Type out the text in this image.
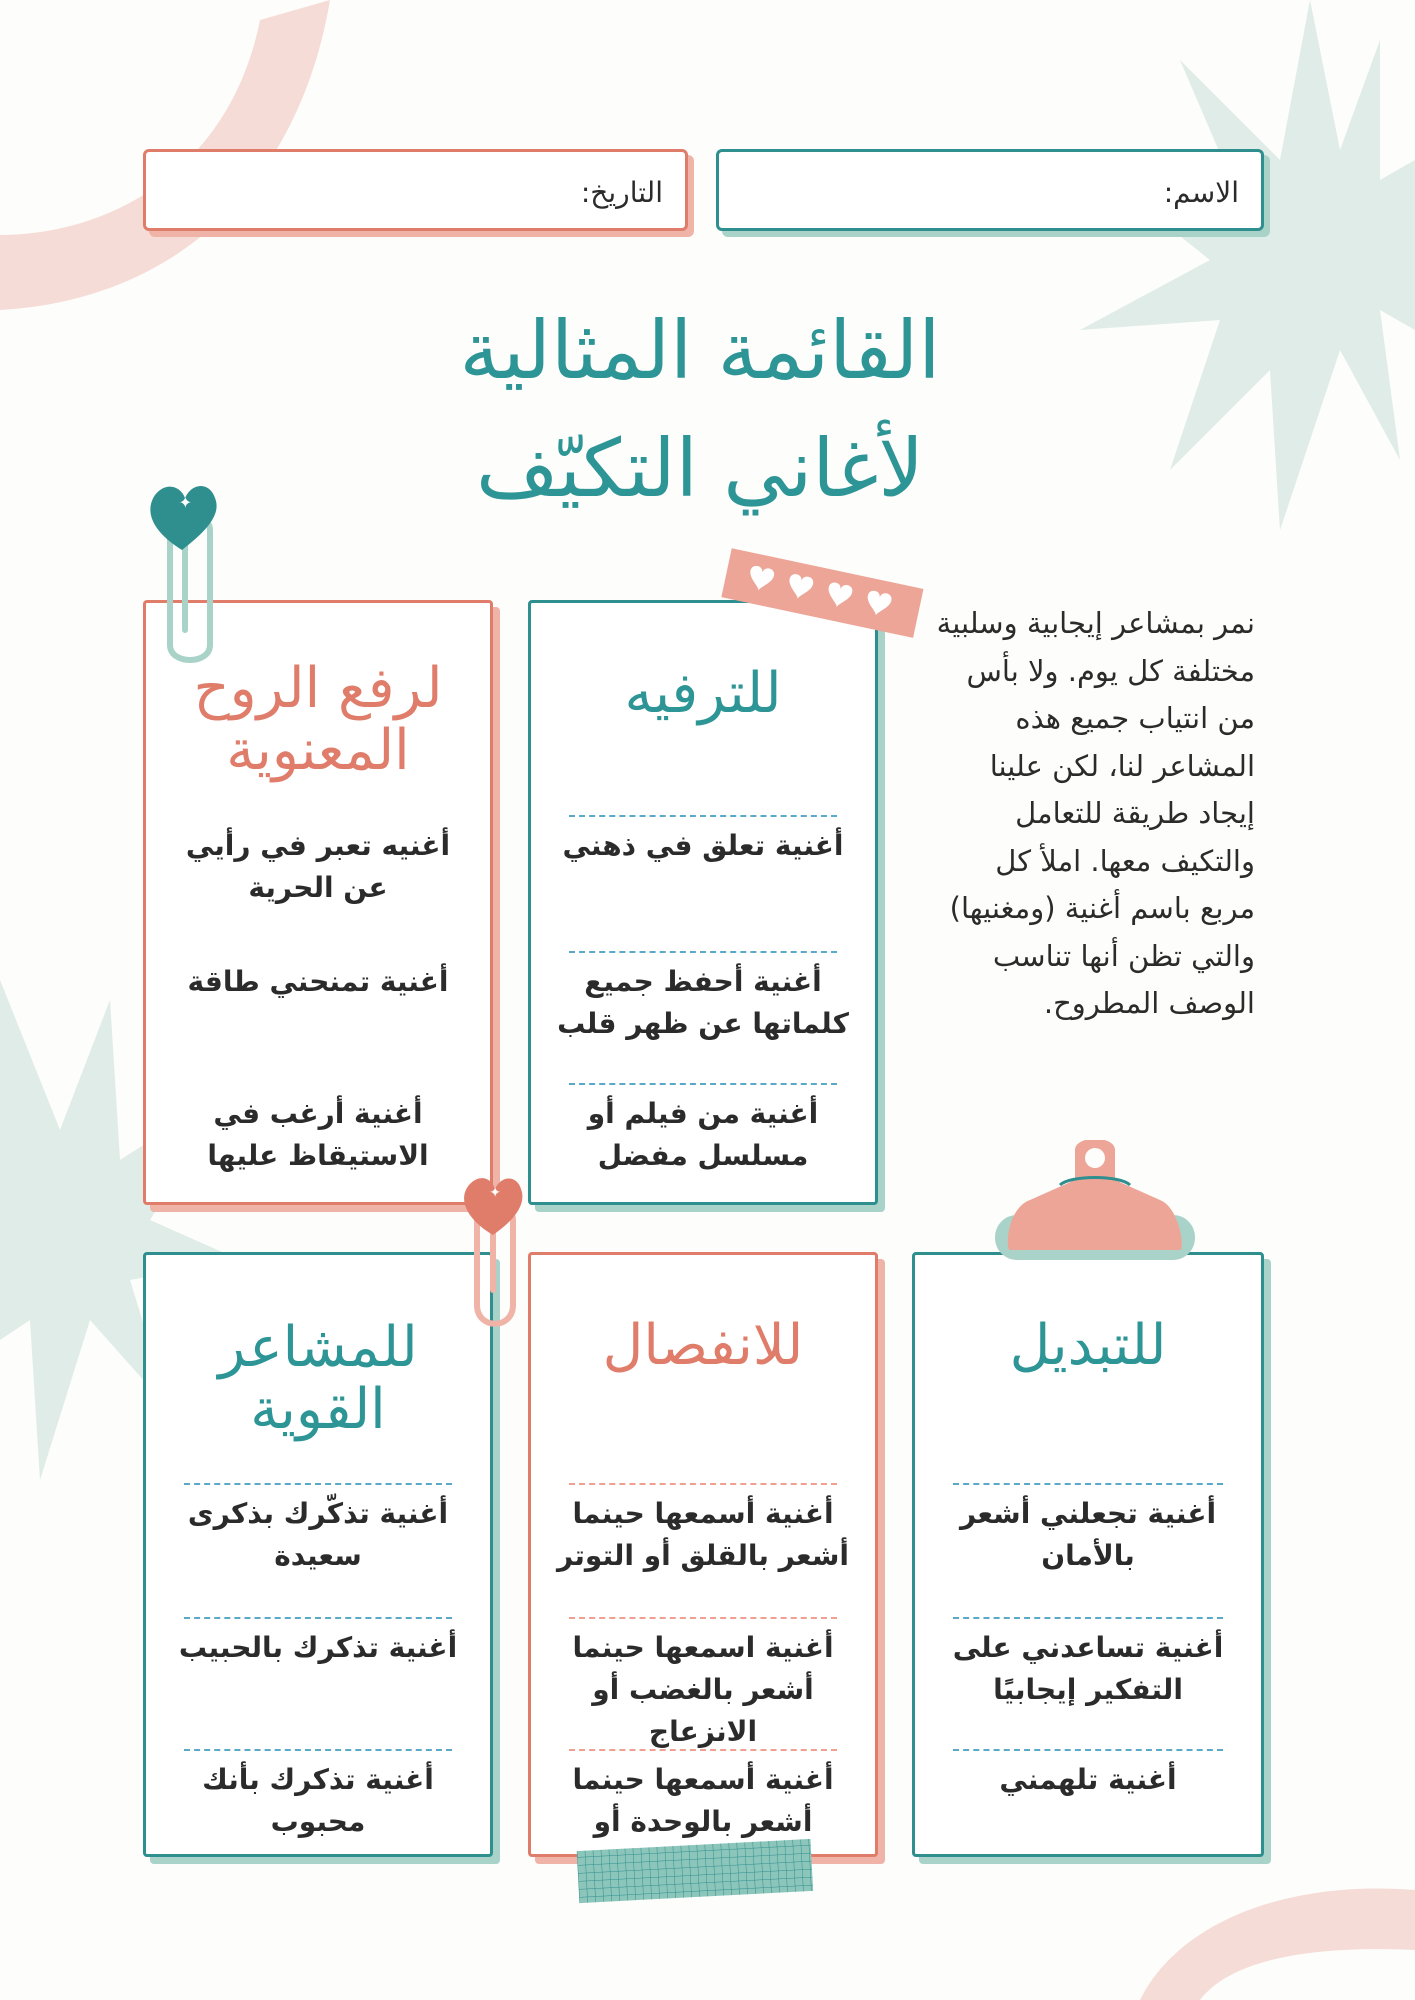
الاسم:
التاريخ:
القائمة المثالية
لأغاني التكيّف
نمر بمشاعر إيجابية وسلبية مختلفة كل يوم. ولا بأس من انتياب جميع هذه المشاعر لنا، لكن علينا إيجاد طريقة للتعامل والتكيف معها. املأ كل مربع باسم أغنية (ومغنيها) والتي تظن أنها تناسب الوصف المطروح.
للترفيه
أغنية تعلق في ذهني
أغنية أحفظ جميع كلماتها عن ظهر قلب
أغنية من فيلم أو مسلسل مفضل
لرفع الروح المعنوية
أغنيه تعبر في رأيي عن الحرية
أغنية تمنحني طاقة
أغنية أرغب في الاستيقاظ عليها
للتبديل
أغنية تجعلني أشعر بالأمان
أغنية تساعدني على التفكير إيجابيًا
أغنية تلهمني
للانفصال
أغنية أسمعها حينما أشعر بالقلق أو التوتر
أغنية اسمعها حينما أشعر بالغضب أو الانزعاج
أغنية أسمعها حينما أشعر بالوحدة أو
للمشاعر القوية
أغنية تذكّرك بذكرى سعيدة
أغنية تذكرك بالحبيب
أغنية تذكرك بأنك محبوب
✦
✦
